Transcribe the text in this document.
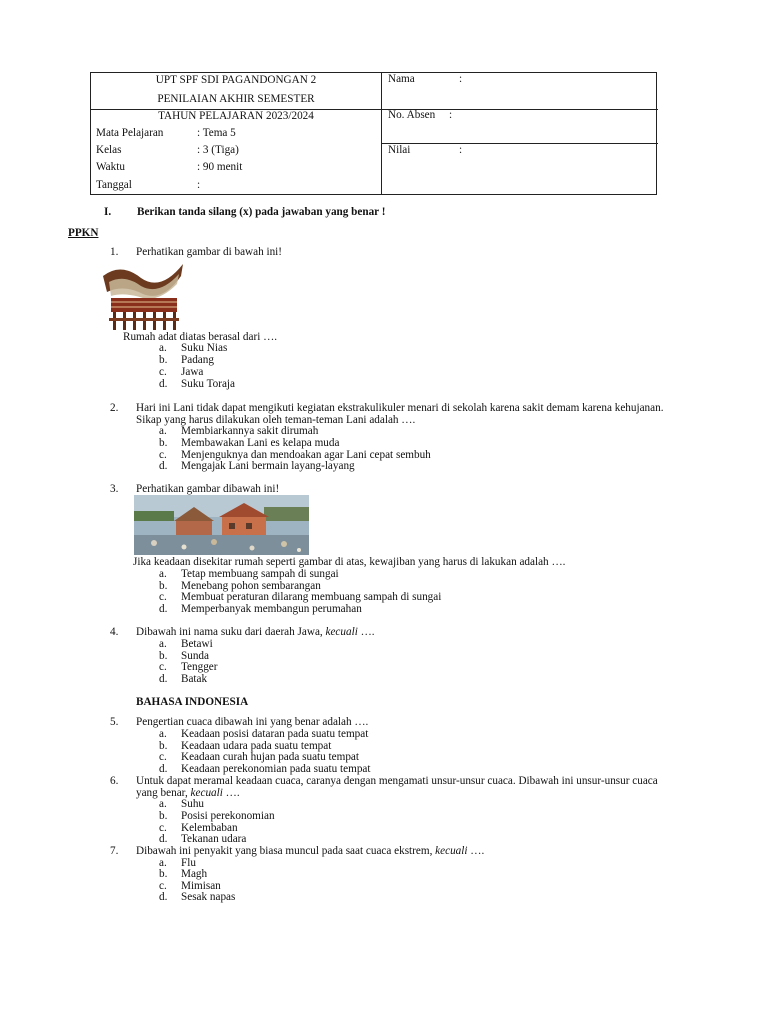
UPT SPF SDI PAGANDONGAN 2
PENILAIAN AKHIR SEMESTER
TAHUN PELAJARAN 2023/2024
Mata Pelajaran	: Tema 5
Kelas	: 3 (Tiga)
Waktu	: 90 menit
Tanggal	:
Nama	:
No. Absen :
Nilai	:
I. Berikan tanda silang (x) pada jawaban yang benar !
PPKN
1. Perhatikan gambar di bawah ini!
Rumah adat diatas berasal dari ….
a. Suku Nias
b. Padang
c. Jawa
d. Suku Toraja
2. Hari ini Lani tidak dapat mengikuti kegiatan ekstrakulikuler menari di sekolah karena sakit demam karena kehujanan. Sikap yang harus dilakukan oleh teman-teman Lani adalah ….
a. Membiarkannya sakit dirumah
b. Membawakan Lani es kelapa muda
c. Menjenguknya dan mendoakan agar Lani cepat sembuh
d. Mengajak Lani bermain layang-layang
3. Perhatikan gambar dibawah ini!
Jika keadaan disekitar rumah seperti gambar di atas, kewajiban yang harus di lakukan adalah ….
a. Tetap membuang sampah di sungai
b. Menebang pohon sembarangan
c. Membuat peraturan dilarang membuang sampah di sungai
d. Memperbanyak membangun perumahan
4. Dibawah ini nama suku dari daerah Jawa, kecuali ….
a. Betawi
b. Sunda
c. Tengger
d. Batak
BAHASA INDONESIA
5. Pengertian cuaca dibawah ini yang benar adalah ….
a. Keadaan posisi dataran pada suatu tempat
b. Keadaan udara pada suatu tempat
c. Keadaan curah hujan pada suatu tempat
d. Keadaan perekonomian pada suatu tempat
6. Untuk dapat meramal keadaan cuaca, caranya dengan mengamati unsur-unsur cuaca. Dibawah ini unsur-unsur cuaca yang benar, kecuali ….
a. Suhu
b. Posisi perekonomian
c. Kelembaban
d. Tekanan udara
7. Dibawah ini penyakit yang biasa muncul pada saat cuaca ekstrem, kecuali ….
a. Flu
b. Magh
c. Mimisan
d. Sesak napas
